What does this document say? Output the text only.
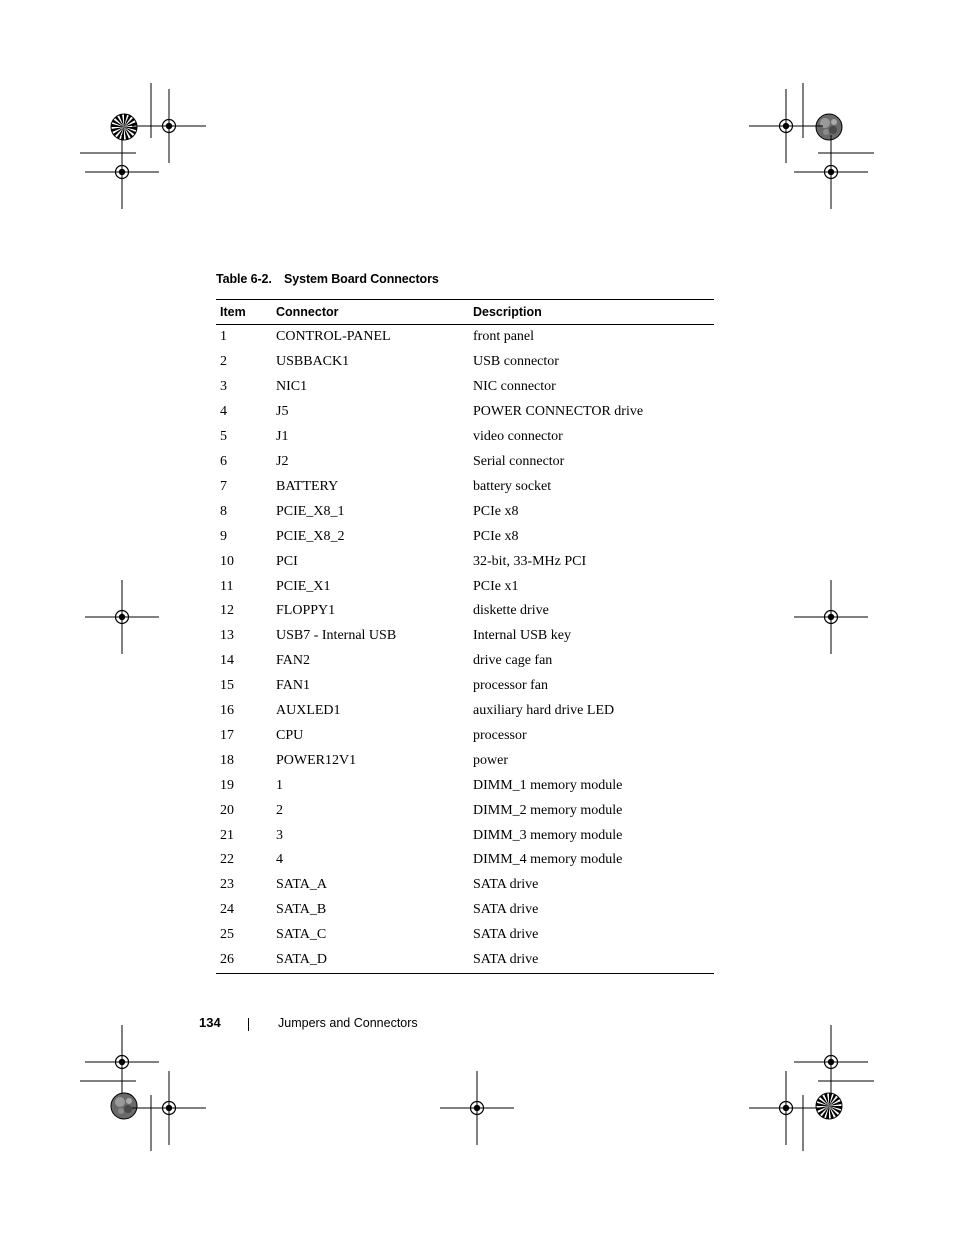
Table 6-2. System Board Connectors
Item	Connector	Description
1	CONTROL-PANEL	front panel
2	USBBACK1	USB connector
3	NIC1	NIC connector
4	J5	POWER CONNECTOR drive
5	J1	video connector
6	J2	Serial connector
7	BATTERY	battery socket
8	PCIE_X8_1	PCIe x8
9	PCIE_X8_2	PCIe x8
10	PCI	32-bit, 33-MHz PCI
11	PCIE_X1	PCIe x1
12	FLOPPY1	diskette drive
13	USB7 - Internal USB	Internal USB key
14	FAN2	drive cage fan
15	FAN1	processor fan
16	AUXLED1	auxiliary hard drive LED
17	CPU	processor
18	POWER12V1	power
19	1	DIMM_1 memory module
20	2	DIMM_2 memory module
21	3	DIMM_3 memory module
22	4	DIMM_4 memory module
23	SATA_A	SATA drive
24	SATA_B	SATA drive
25	SATA_C	SATA drive
26	SATA_D	SATA drive
134	Jumpers and Connectors
